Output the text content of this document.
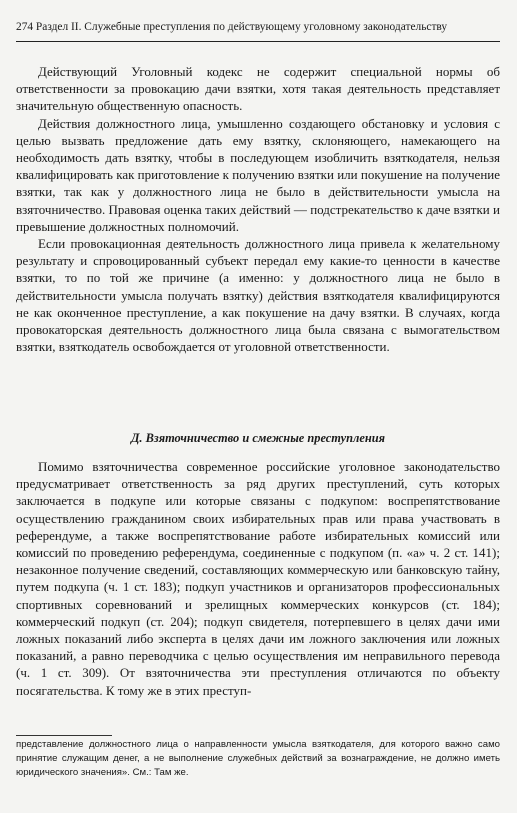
274 Раздел II. Служебные преступления по действующему уголовному законодательству

Действующий Уголовный кодекс не содержит специальной нормы об ответственности за провокацию дачи взятки, хотя такая деятельность представляет значительную общественную опасность.

Действия должностного лица, умышленно создающего обстановку и условия с целью вызвать предложение дать ему взятку, склоняющего, намекающего на необходимость дать взятку, чтобы в последующем изобличить взяткодателя, нельзя квалифицировать как приготовление к получению взятки или покушение на получение взятки, так как у должностного лица не было в действительности умысла на взяточничество. Правовая оценка таких действий — подстрекательство к даче взятки и превышение должностных полномочий.

Если провокационная деятельность должностного лица привела к желательному результату и спровоцированный субъект передал ему какие-то ценности в качестве взятки, то по той же причине (а именно: у должностного лица не было в действительности умысла получать взятку) действия взяткодателя квалифицируются не как оконченное преступление, а как покушение на дачу взятки. В случаях, когда провокаторская деятельность должностного лица была связана с вымогательством взятки, взяткодатель освобождается от уголовной ответственности.

Д. Взяточничество и смежные преступления

Помимо взяточничества современное российские уголовное законодательство предусматривает ответственность за ряд других преступлений, суть которых заключается в подкупе или которые связаны с подкупом: воспрепятствование осуществлению гражданином своих избирательных прав или права участвовать в референдуме, а также воспрепятствование работе избирательных комиссий или комиссий по проведению референдума, соединенные с подкупом (п. «а» ч. 2 ст. 141); незаконное получение сведений, составляющих коммерческую или банковскую тайну, путем подкупа (ч. 1 ст. 183); подкуп участников и организаторов профессиональных спортивных соревнований и зрелищных коммерческих конкурсов (ст. 184); коммерческий подкуп (ст. 204); подкуп свидетеля, потерпевшего в целях дачи ими ложных показаний либо эксперта в целях дачи им ложного заключения или ложных показаний, а равно переводчика с целью осуществления им неправильного перевода (ч. 1 ст. 309). От взяточничества эти преступления отличаются по объекту посягательства. К тому же в этих преступ-

представление должностного лица о направленности умысла взяткодателя, для которого важно само принятие служащим денег, а не выполнение служебных действий за вознаграждение, не должно иметь юридического значения». См.: Там же.
